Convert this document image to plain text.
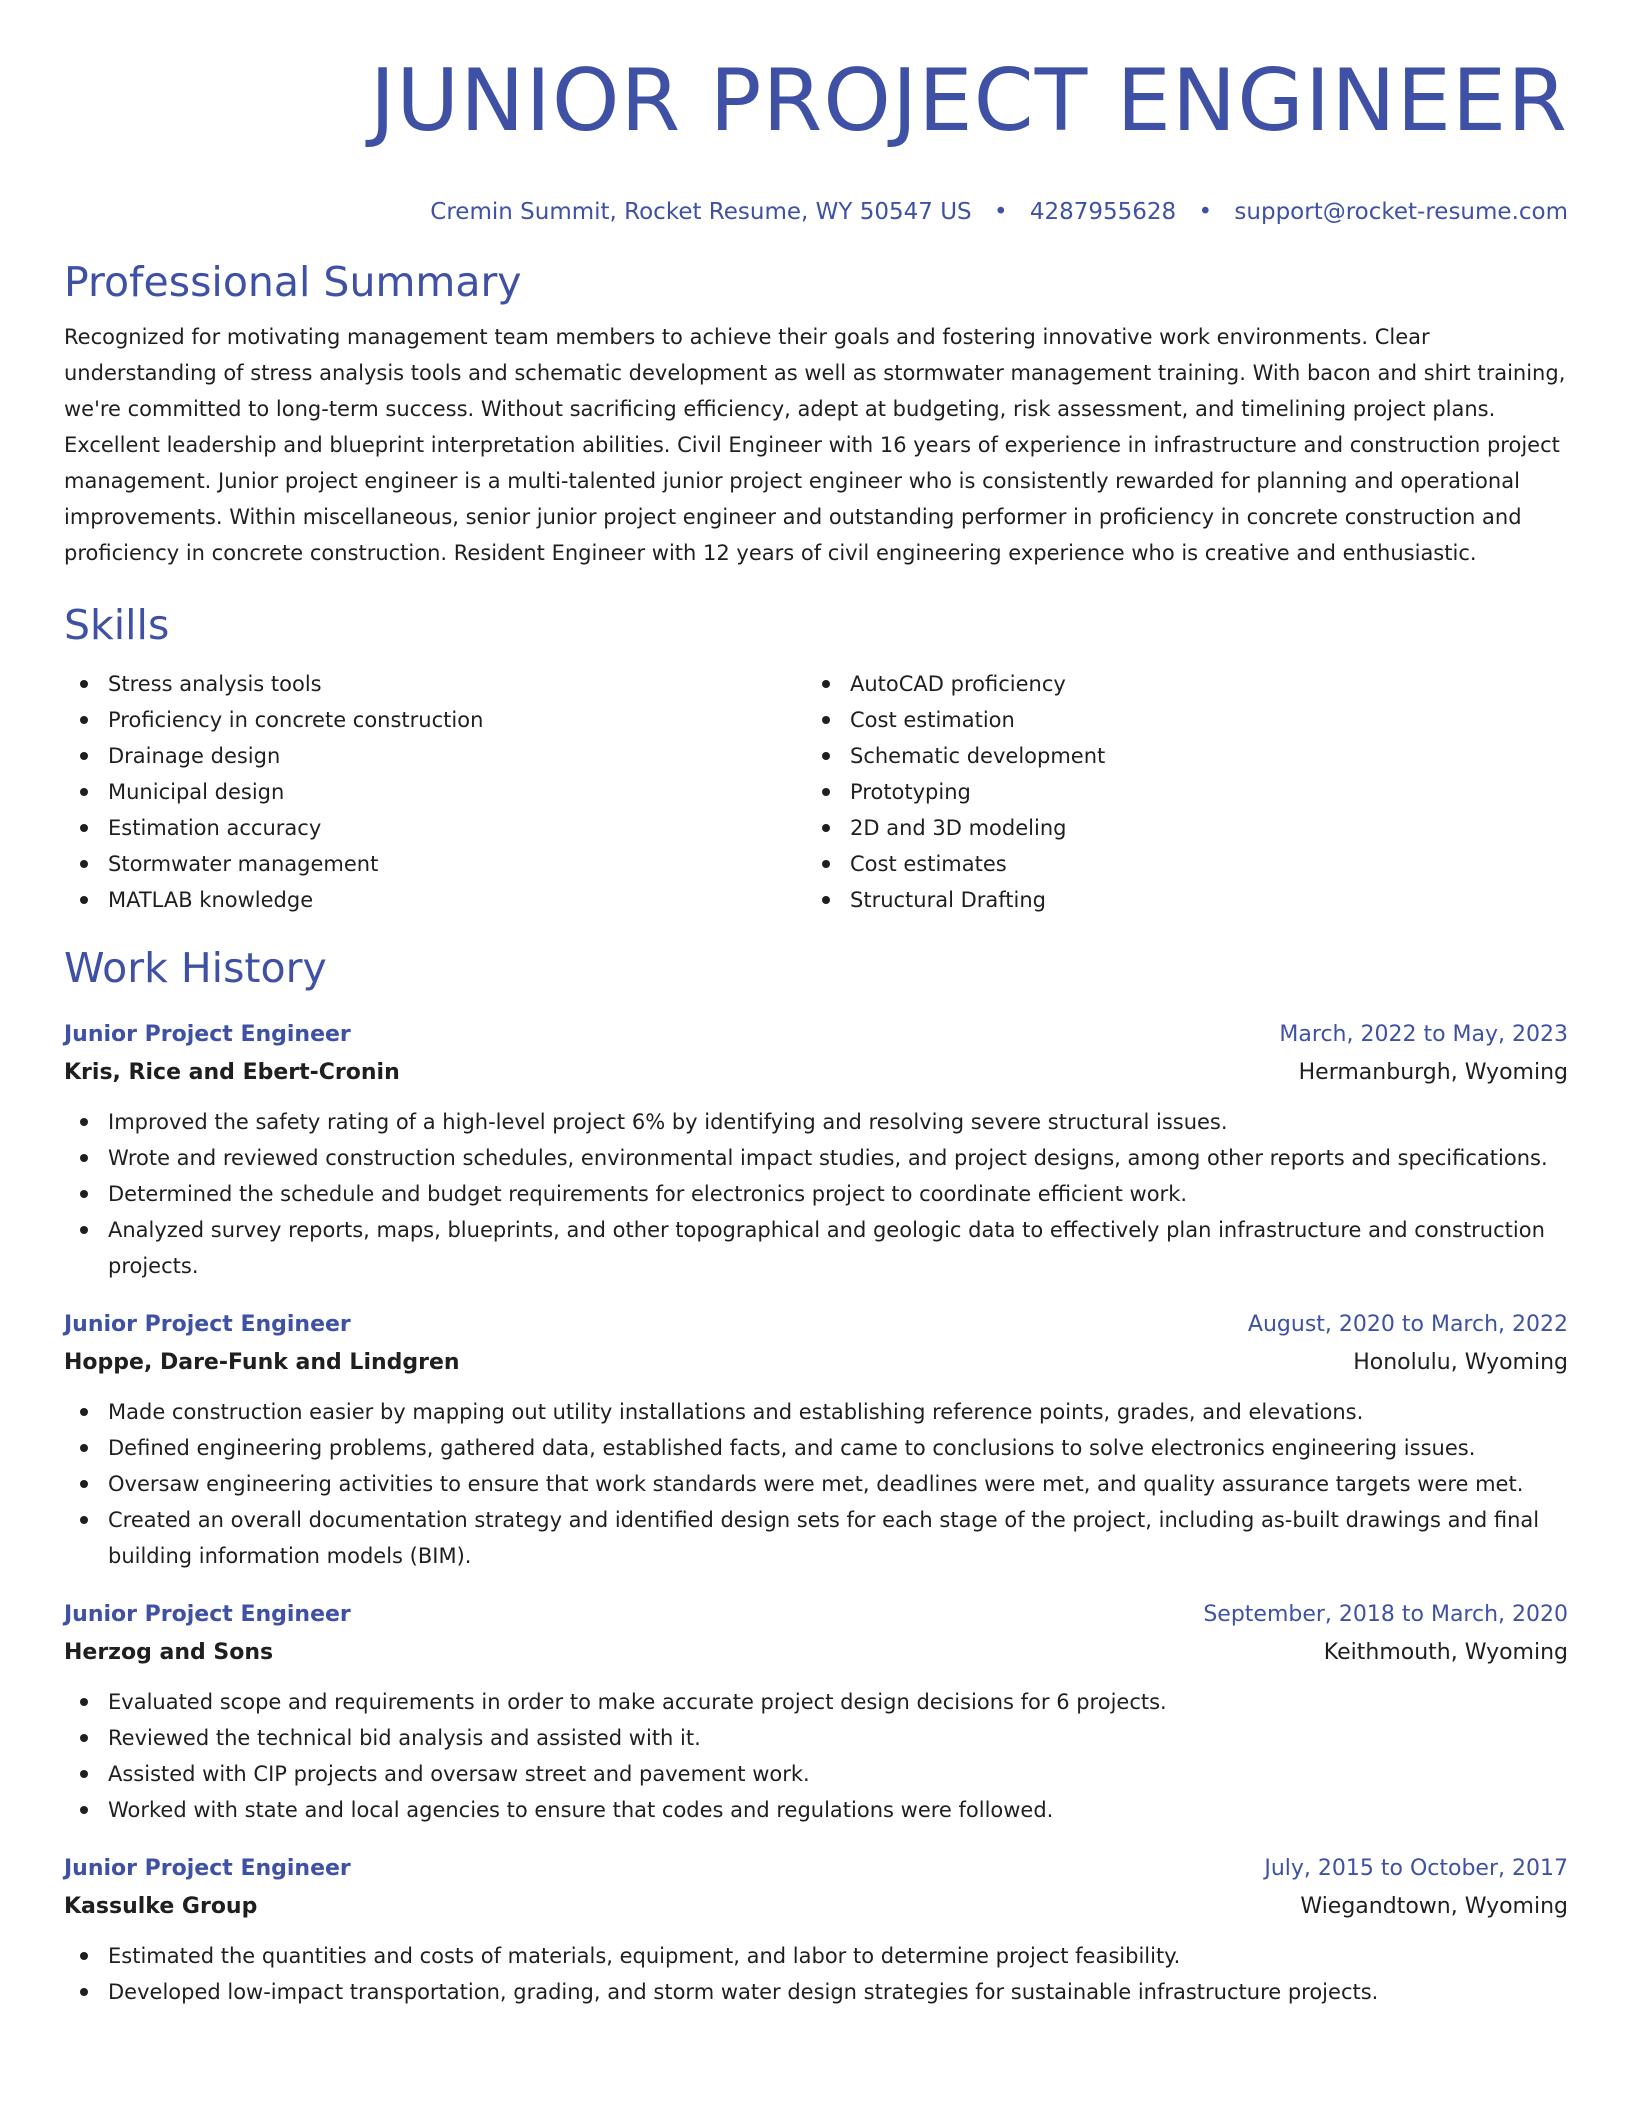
JUNIOR PROJECT ENGINEER
Cremin Summit, Rocket Resume, WY 50547 US • 4287955628 • support@rocket-resume.com
Professional Summary
Recognized for motivating management team members to achieve their goals and fostering innovative work environments. Clear understanding of stress analysis tools and schematic development as well as stormwater management training. With bacon and shirt training, we're committed to long-term success. Without sacrificing efficiency, adept at budgeting, risk assessment, and timelining project plans. Excellent leadership and blueprint interpretation abilities. Civil Engineer with 16 years of experience in infrastructure and construction project management. Junior project engineer is a multi-talented junior project engineer who is consistently rewarded for planning and operational improvements. Within miscellaneous, senior junior project engineer and outstanding performer in proficiency in concrete construction and proficiency in concrete construction. Resident Engineer with 12 years of civil engineering experience who is creative and enthusiastic.
Skills
Stress analysis tools
Proficiency in concrete construction
Drainage design
Municipal design
Estimation accuracy
Stormwater management
MATLAB knowledge
AutoCAD proficiency
Cost estimation
Schematic development
Prototyping
2D and 3D modeling
Cost estimates
Structural Drafting
Work History
Junior Project Engineer	March, 2022 to May, 2023
Kris, Rice and Ebert-Cronin	Hermanburgh, Wyoming
Improved the safety rating of a high-level project 6% by identifying and resolving severe structural issues.
Wrote and reviewed construction schedules, environmental impact studies, and project designs, among other reports and specifications.
Determined the schedule and budget requirements for electronics project to coordinate efficient work.
Analyzed survey reports, maps, blueprints, and other topographical and geologic data to effectively plan infrastructure and construction projects.
Junior Project Engineer	August, 2020 to March, 2022
Hoppe, Dare-Funk and Lindgren	Honolulu, Wyoming
Made construction easier by mapping out utility installations and establishing reference points, grades, and elevations.
Defined engineering problems, gathered data, established facts, and came to conclusions to solve electronics engineering issues.
Oversaw engineering activities to ensure that work standards were met, deadlines were met, and quality assurance targets were met.
Created an overall documentation strategy and identified design sets for each stage of the project, including as-built drawings and final building information models (BIM).
Junior Project Engineer	September, 2018 to March, 2020
Herzog and Sons	Keithmouth, Wyoming
Evaluated scope and requirements in order to make accurate project design decisions for 6 projects.
Reviewed the technical bid analysis and assisted with it.
Assisted with CIP projects and oversaw street and pavement work.
Worked with state and local agencies to ensure that codes and regulations were followed.
Junior Project Engineer	July, 2015 to October, 2017
Kassulke Group	Wiegandtown, Wyoming
Estimated the quantities and costs of materials, equipment, and labor to determine project feasibility.
Developed low-impact transportation, grading, and storm water design strategies for sustainable infrastructure projects.
